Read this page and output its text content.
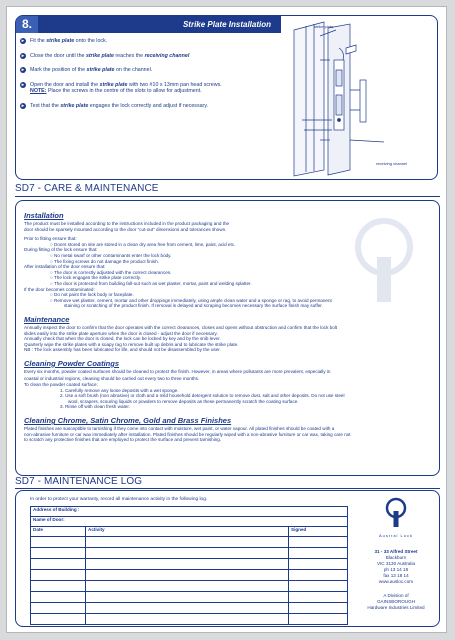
8.	Strike Plate Installation
► Fit the strike plate onto the lock.
► Close the door until the strike plate reaches the receiving channel
► Mark the position of the strike plate on the channel.
► Open the door and install the strike plate with two #10 x 13mm pan head screws.
NOTE: Place the screws in the centre of the slots to allow for adjustment.
► Test that the strike plate engages the lock correctly and adjust if necessary.
strike plate
receiving channel
SD7 - CARE & MAINTENANCE
Installation
The product must be installed according to the instructions included in the product packaging and the
door should be sparsely mounted according to the door “cut-out” dimensions and tolerances shown.
Prior to fitting ensure that:
○ Doors stored on site are stored in a clean dry area free from cement, lime, paint, acid etc.
During fitting of the lock ensure that:
○ No metal swarf or other contaminants enter the lock body.
○ The fixing screws do not damage the product finish.
After installation of the door ensure that:
○ The door is correctly adjusted with the correct clearances.
○ The lock engages the strike plate correctly.
○ The door is protected from building fall-out such as wet plaster, mortar, paint and welding splatter.
If the door becomes contaminated:
○ Do not paint the lock body or faceplate.
○ Remove wet plaster, cement, mortar and other droppings immediately, using ample clean water and a sponge or rag, to avoid permanent
staining or scratching of the product finish. If removal is delayed and scraping becomes necessary the surface finish may suffer.
Maintenance
Annually inspect the door to confirm that the door operates with the correct clearances, closes and opens without obstruction and confirm that the lock bolt
slides easily into the strike plate aperture when the door is closed - adjust the door if necessary.
Annually check that when the door is closed, the lock can be locked by key and by the snib lever.
Quarterly wipe the strike plates with a soapy rag to remove built up debris and to lubricate the strike plate.
NB : The lock assembly has been lubricated for life, and should not be disassembled by the user.
Cleaning Powder Coatings
Every six months, powder coated surfaces should be cleaned to protect the finish. However, in areas where pollutants are more prevalent, especially in
coastal or industrial regions, cleaning should be carried out every two to three months.
To clean the powder coated surface:
1. Carefully remove any loose deposits with a wet sponge.
2. Use a soft brush (non abrasive) or cloth and a mild household detergent solution to remove dust, salt and other deposits. Do not use steel
wool, scrapers, scouring liquids or powders to remove deposits as these permanently scratch the coating surface.
3. Rinse off with clean fresh water.
Cleaning Chrome, Satin Chrome, Gold and Brass Finishes
Plated finishes are susceptible to tarnishing if they come into contact with moisture, wet paint, or water vapour. All plated finishes should be coated with a
non-abrasive furniture or car wax immediately after installation. Plated finishes should be regularly wiped with a non-abrasive furniture or car wax, taking care not
to scratch any protective finishes that are employed to protect the surface and prevent tarnishing.
SD7 - MAINTENANCE LOG
In order to protect your warranty, record all maintenance activity in the following log.
Address of Building :		
Name of Door:		
Date	Activity	Signed

Austral Lock
31 - 33 Alfred Street
Blackburn
VIC 3130 Australia
ph 13 14 18
fax 13 18 14
www.ausloc.com
A Division of
GAINSBOROUGH
Hardware Industries Limited
